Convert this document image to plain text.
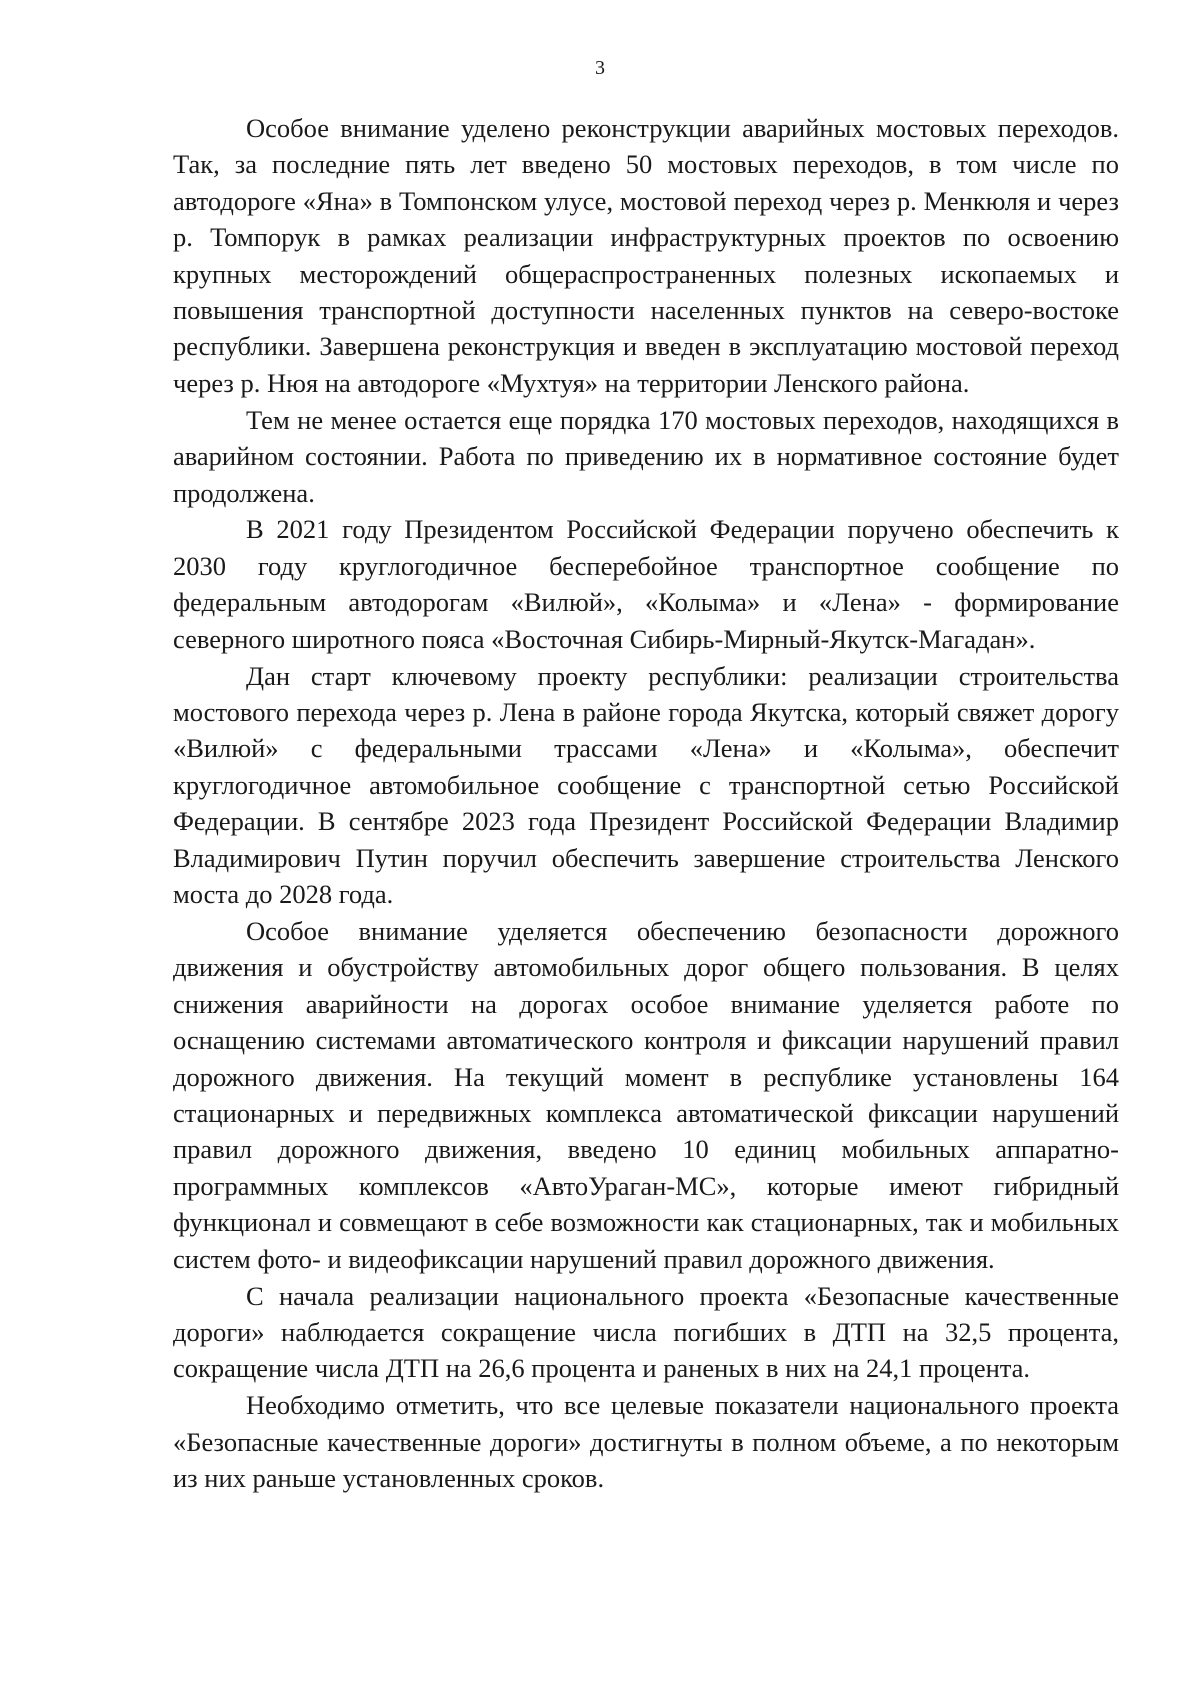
3

Особое внимание уделено реконструкции аварийных мостовых переходов. Так, за последние пять лет введено 50 мостовых переходов, в том числе по автодороге «Яна» в Томпонском улусе, мостовой переход через р. Менкюля и через р. Томпорук в рамках реализации инфраструктурных проектов по освоению крупных месторождений общераспространенных полезных ископаемых и повышения транспортной доступности населенных пунктов на северо-востоке республики. Завершена реконструкция и введен в эксплуатацию мостовой переход через р. Нюя на автодороге «Мухтуя» на территории Ленского района.

Тем не менее остается еще порядка 170 мостовых переходов, находящихся в аварийном состоянии. Работа по приведению их в нормативное состояние будет продолжена.

В 2021 году Президентом Российской Федерации поручено обеспечить к 2030 году круглогодичное бесперебойное транспортное сообщение по федеральным автодорогам «Вилюй», «Колыма» и «Лена» - формирование северного широтного пояса «Восточная Сибирь-Мирный-Якутск-Магадан».

Дан старт ключевому проекту республики: реализации строительства мостового перехода через р. Лена в районе города Якутска, который свяжет дорогу «Вилюй» с федеральными трассами «Лена» и «Колыма», обеспечит круглогодичное автомобильное сообщение с транспортной сетью Российской Федерации. В сентябре 2023 года Президент Российской Федерации Владимир Владимирович Путин поручил обеспечить завершение строительства Ленского моста до 2028 года.

Особое внимание уделяется обеспечению безопасности дорожного движения и обустройству автомобильных дорог общего пользования. В целях снижения аварийности на дорогах особое внимание уделяется работе по оснащению системами автоматического контроля и фиксации нарушений правил дорожного движения. На текущий момент в республике установлены 164 стационарных и передвижных комплекса автоматической фиксации нарушений правил дорожного движения, введено 10 единиц мобильных аппаратно-программных комплексов «АвтоУраган-МС», которые имеют гибридный функционал и совмещают в себе возможности как стационарных, так и мобильных систем фото- и видеофиксации нарушений правил дорожного движения.

С начала реализации национального проекта «Безопасные качественные дороги» наблюдается сокращение числа погибших в ДТП на 32,5 процента, сокращение числа ДТП на 26,6 процента и раненых в них на 24,1 процента.

Необходимо отметить, что все целевые показатели национального проекта «Безопасные качественные дороги» достигнуты в полном объеме, а по некоторым из них раньше установленных сроков.
